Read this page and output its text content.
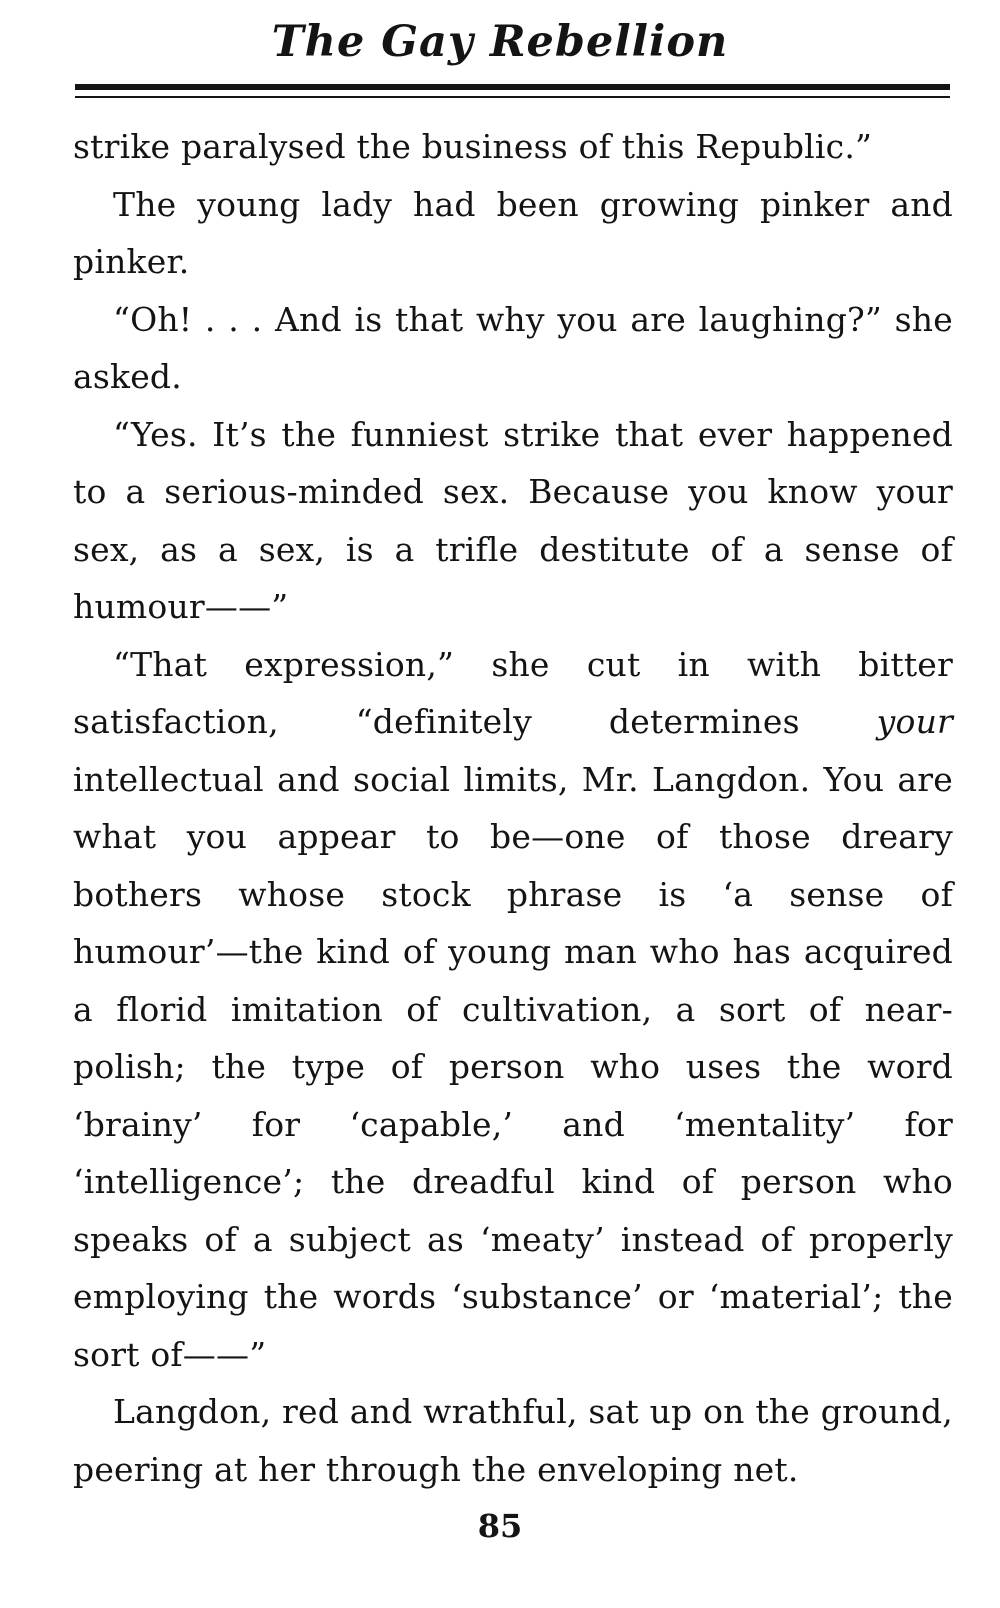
The Gay Rebellion

strike paralysed the business of this Republic.”

The young lady had been growing pinker and pinker.

“Oh! . . . And is that why you are laughing?” she asked.

“Yes. It’s the funniest strike that ever happened to a serious-minded sex. Because you know your sex, as a sex, is a trifle destitute of a sense of humour——”

“That expression,” she cut in with bitter satisfaction, “definitely determines your intellectual and social limits, Mr. Langdon. You are what you appear to be—one of those dreary bothers whose stock phrase is ‘a sense of humour’—the kind of young man who has acquired a florid imitation of cultivation, a sort of near-polish; the type of person who uses the word ‘brainy’ for ‘capable,’ and ‘mentality’ for ‘intelligence’; the dreadful kind of person who speaks of a subject as ‘meaty’ instead of properly employing the words ‘substance’ or ‘material’; the sort of——”

Langdon, red and wrathful, sat up on the ground, peering at her through the enveloping net.

85
